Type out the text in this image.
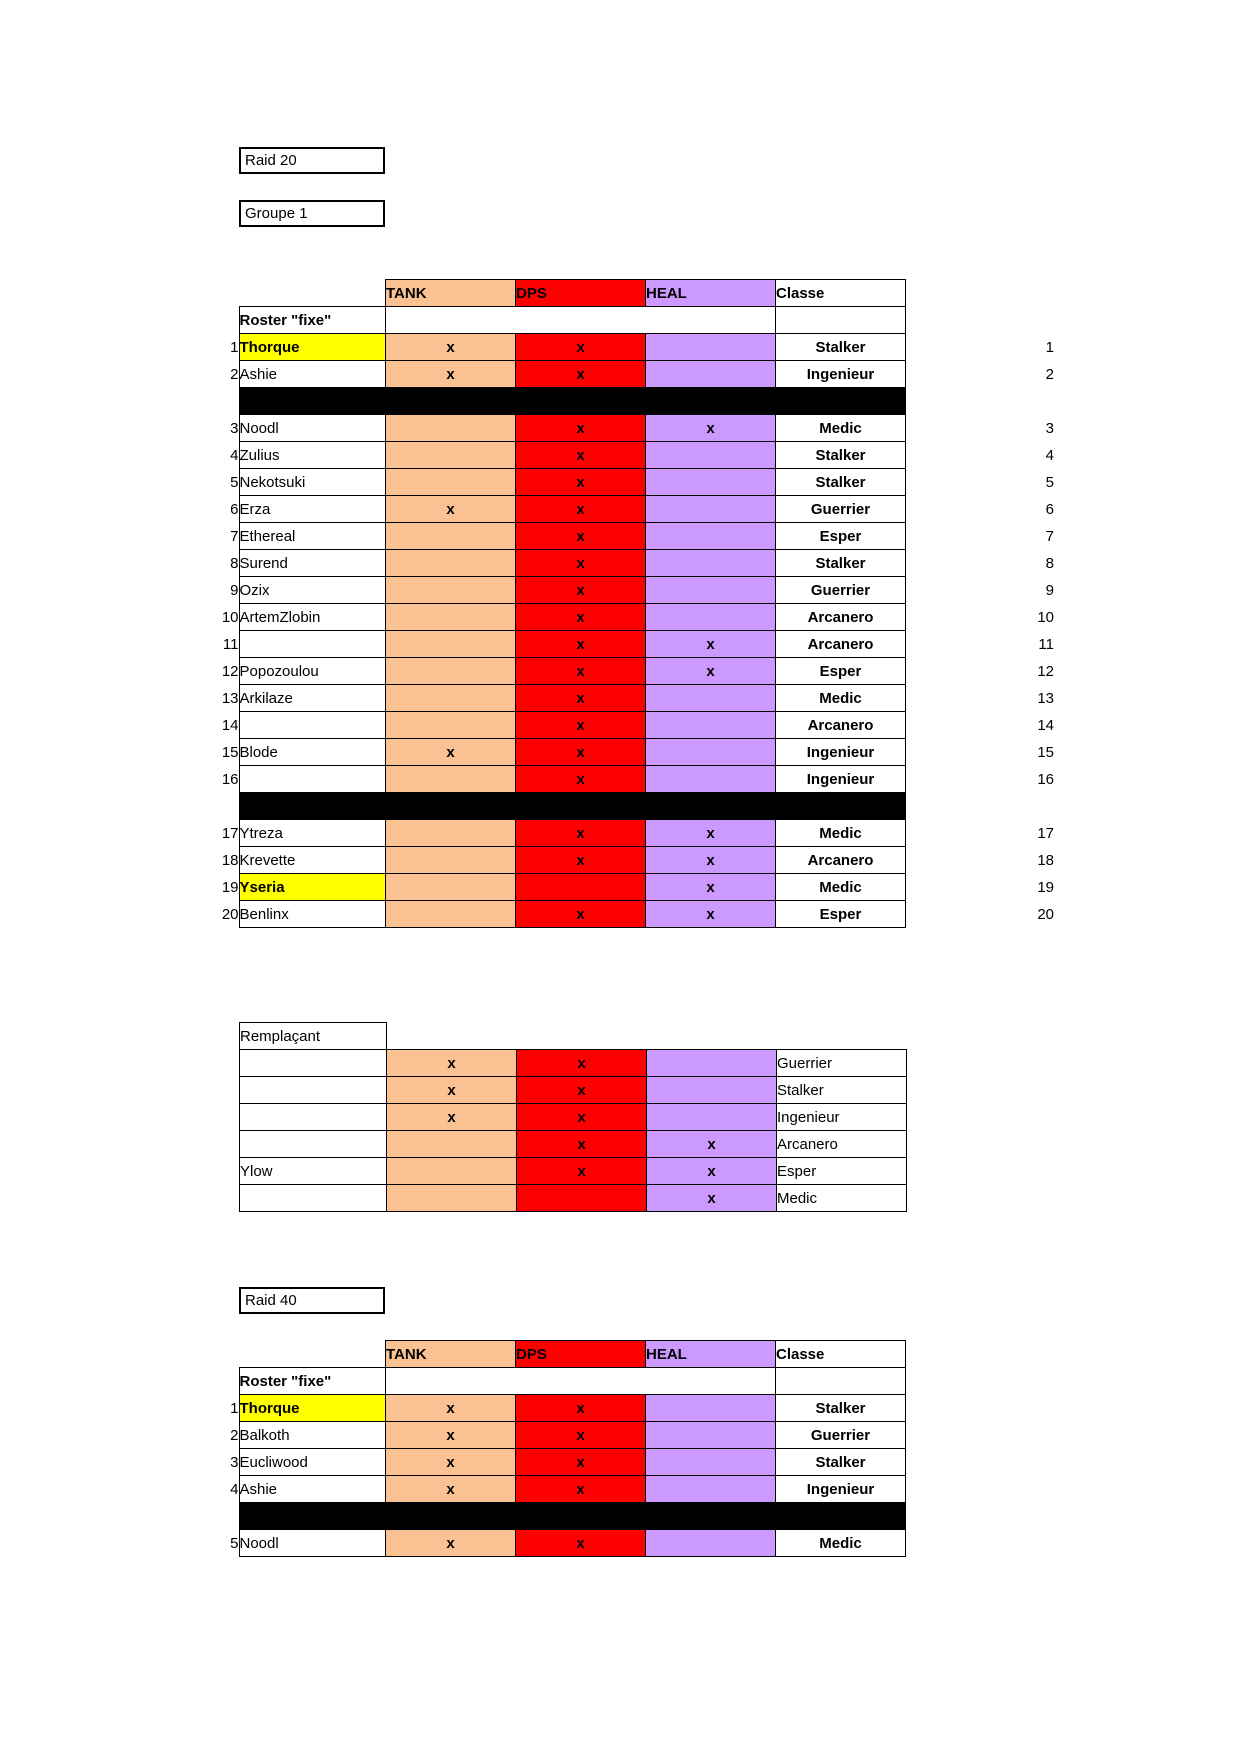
Raid 20
Groupe 1
		TANK	DPS	HEAL	Classe	
	Roster "fixe"					
1	Thorque	x	x		Stalker	1
2	Ashie	x	x		Ingenieur	2

3	Noodl		x	x	Medic	3
4	Zulius		x		Stalker	4
5	Nekotsuki		x		Stalker	5
6	Erza	x	x		Guerrier	6
7	Ethereal		x		Esper	7
8	Surend		x		Stalker	8
9	Ozix		x		Guerrier	9
10	ArtemZlobin		x		Arcanero	10
11			x	x	Arcanero	11
12	Popozoulou		x	x	Esper	12
13	Arkilaze		x		Medic	13
14			x		Arcanero	14
15	Blode	x	x		Ingenieur	15
16			x		Ingenieur	16

17	Ytreza		x	x	Medic	17
18	Krevette		x	x	Arcanero	18
19	Yseria			x	Medic	19
20	Benlinx		x	x	Esper	20
Remplaçant				
	x	x		Guerrier
	x	x		Stalker
	x	x		Ingenieur
		x	x	Arcanero
Ylow		x	x	Esper
			x	Medic
Raid 40
		TANK	DPS	HEAL	Classe
	Roster "fixe"				
1	Thorque	x	x		Stalker
2	Balkoth	x	x		Guerrier
3	Eucliwood	x	x		Stalker
4	Ashie	x	x		Ingenieur

5	Noodl	x	x		Medic
